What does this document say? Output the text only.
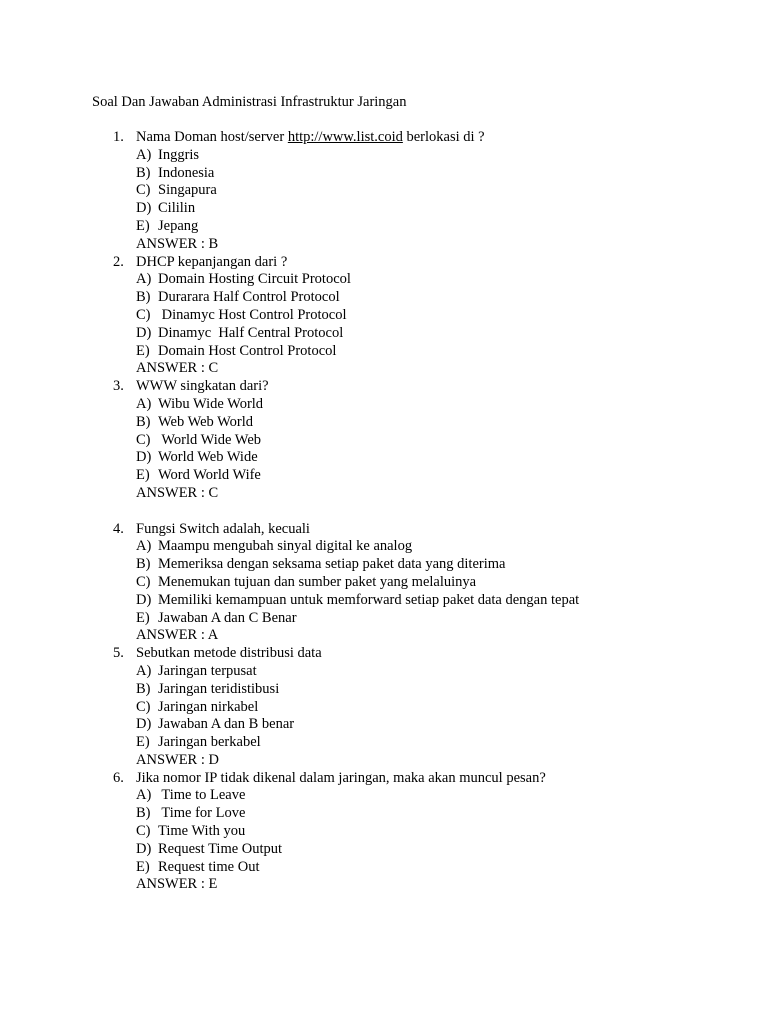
Soal Dan Jawaban Administrasi Infrastruktur Jaringan
1. Nama Doman host/server http://www.list.coid berlokasi di ?
A) Inggris
B) Indonesia
C) Singapura
D) Cililin
E) Jepang
ANSWER : B
2. DHCP kepanjangan dari ?
A) Domain Hosting Circuit Protocol
B) Durarara Half Control Protocol
C) Dinamyc Host Control Protocol
D) Dinamyc  Half Central Protocol
E) Domain Host Control Protocol
ANSWER : C
3. WWW singkatan dari?
A) Wibu Wide World
B) Web Web World
C) World Wide Web
D) World Web Wide
E) Word World Wife
ANSWER : C
4. Fungsi Switch adalah, kecuali
A) Maampu mengubah sinyal digital ke analog
B) Memeriksa dengan seksama setiap paket data yang diterima
C) Menemukan tujuan dan sumber paket yang melaluinya
D) Memiliki kemampuan untuk memforward setiap paket data dengan tepat
E) Jawaban A dan C Benar
ANSWER : A
5. Sebutkan metode distribusi data
A) Jaringan terpusat
B) Jaringan teridistibusi
C) Jaringan nirkabel
D) Jawaban A dan B benar
E) Jaringan berkabel
ANSWER : D
6. Jika nomor IP tidak dikenal dalam jaringan, maka akan muncul pesan?
A) Time to Leave
B) Time for Love
C) Time With you
D) Request Time Output
E) Request time Out
ANSWER : E
